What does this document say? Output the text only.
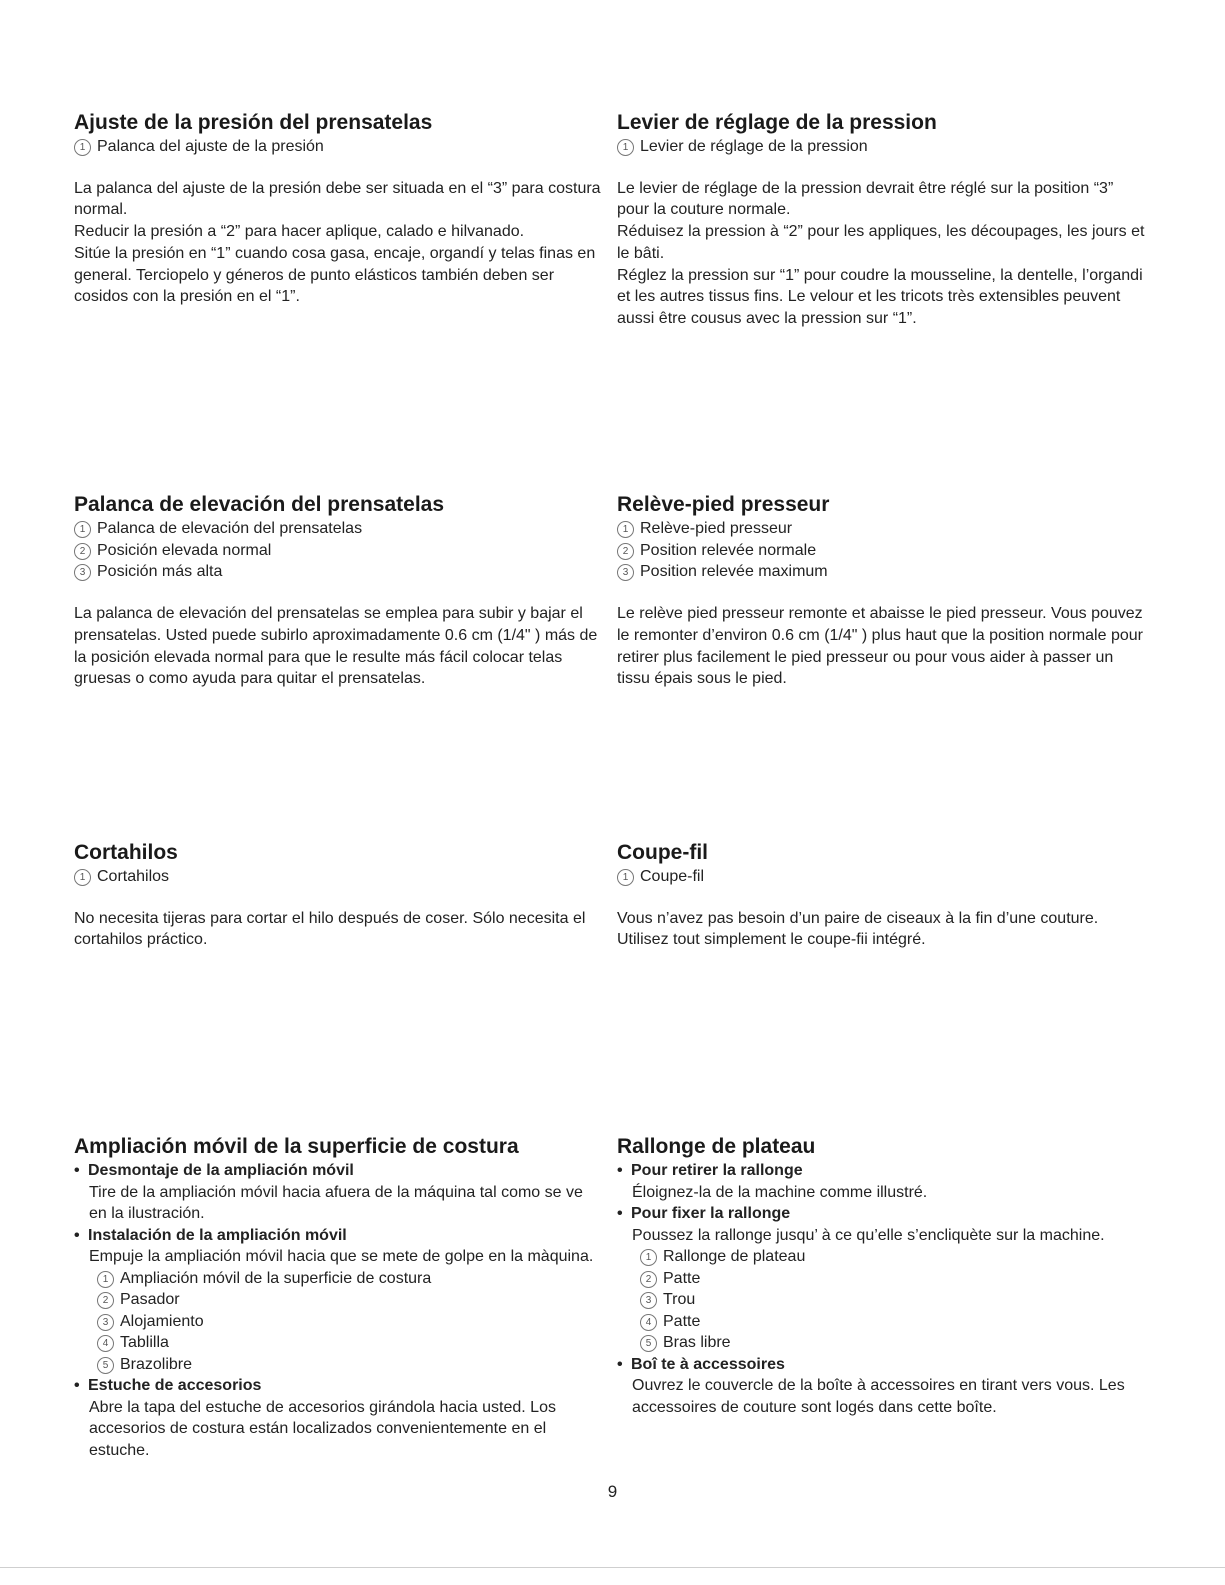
Ajuste de la presión del prensatelas
1 Palanca del ajuste de la presión

La palanca del ajuste de la presión debe ser situada en el “3” para costura normal.

Reducir la presión a “2” para hacer aplique, calado e hilvanado.

Sitúe la presión en “1” cuando cosa gasa, encaje, organdí y telas finas en general. Terciopelo y géneros de punto elásticos también deben ser cosidos con la presión en el “1”.

Levier de réglage de la pression
1 Levier de réglage de la pression

Le levier de réglage de la pression devrait être réglé sur la position “3” pour la couture normale.

Réduisez la pression à “2” pour les appliques, les découpages, les jours et le bâti.

Réglez la pression sur “1” pour coudre la mousseline, la dentelle, l’organdi et les autres tissus fins. Le velour et les tricots très extensibles peuvent aussi être cousus avec la pression sur “1”.

Palanca de elevación del prensatelas
1 Palanca de elevación del prensatelas
2 Posición elevada normal
3 Posición más alta

La palanca de elevación del prensatelas se emplea para subir y bajar el prensatelas. Usted puede subirlo aproximadamente 0.6 cm (1/4" ) más de la posición elevada normal para que le resulte más fácil colocar telas gruesas o como ayuda para quitar el prensatelas.

Relève-pied presseur
1 Relève-pied presseur
2 Position relevée normale
3 Position relevée maximum

Le relève pied presseur remonte et abaisse le pied presseur. Vous pouvez le remonter d’environ 0.6 cm (1/4" ) plus haut que la position normale pour retirer plus facilement le pied presseur ou pour vous aider à passer un tissu épais sous le pied.

Cortahilos
1 Cortahilos

No necesita tijeras para cortar el hilo después de coser. Sólo necesita el cortahilos práctico.

Coupe-fil
1 Coupe-fil

Vous n’avez pas besoin d’un paire de ciseaux à la fin d’une couture. Utilisez tout simplement le coupe-fii intégré.

Ampliación móvil de la superficie de costura

• Desmontaje de la ampliación móvil

Tire de la ampliación móvil hacia afuera de la máquina tal como se ve en la ilustración.

• Instalación de la ampliación móvil

Empuje la ampliación móvil hacia que se mete de golpe en la màquina.

1 Ampliación móvil de la superficie de costura
2 Pasador
3 Alojamiento
4 Tablilla
5 Brazolibre

• Estuche de accesorios

Abre la tapa del estuche de accesorios girándola hacia usted. Los accesorios de costura están localizados convenientemente en el estuche.

Rallonge de plateau

• Pour retirer la rallonge

Éloignez-la de la machine comme illustré.

• Pour fixer la rallonge

Poussez la rallonge jusqu’ à ce qu’elle s’encliquète sur la machine.

1 Rallonge de plateau
2 Patte
3 Trou
4 Patte
5 Bras libre

• Boî te à accessoires

Ouvrez le couvercle de la boîte à accessoires en tirant vers vous. Les accessoires de couture sont logés dans cette boîte.

9
